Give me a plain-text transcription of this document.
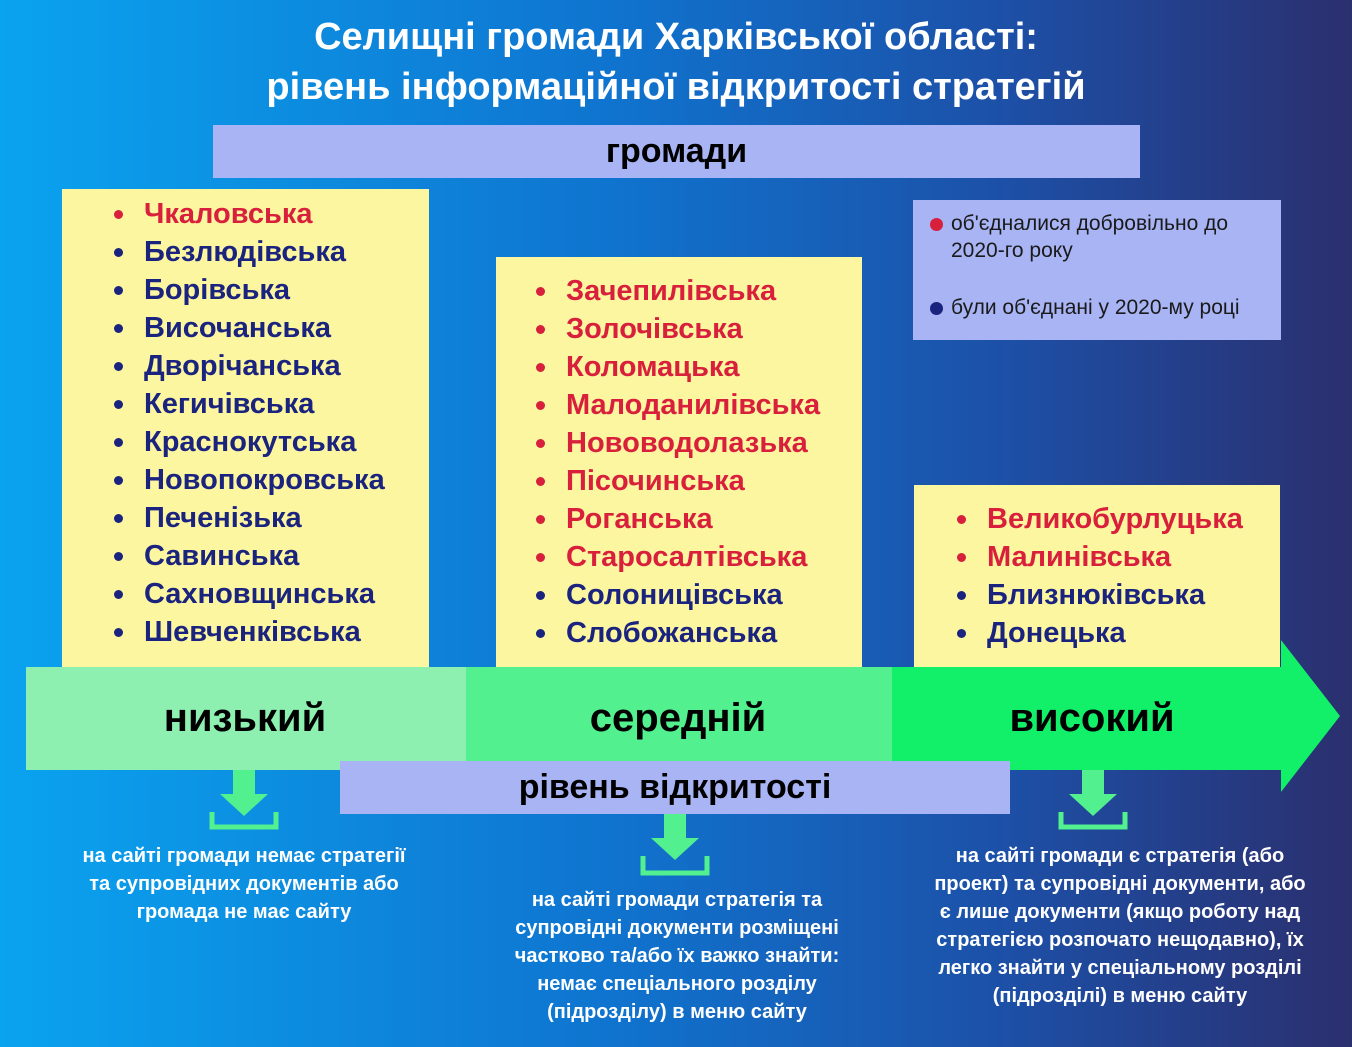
Селищні громади Харківської області:
рівень інформаційної відкритості стратегій
громади
Чкаловська
Безлюдівська
Борівська
Височанська
Дворічанська
Кегичівська
Краснокутська
Новопокровська
Печенізька
Савинська
Сахновщинська
Шевченківська
Зачепилівська
Золочівська
Коломацька
Малоданилівська
Нововодолазька
Пісочинська
Роганська
Старосалтівська
Солоницівська
Слобожанська
Великобурлуцька
Малинівська
Близнюківська
Донецька
об'єдналися добровільно до 2020-го року
були об'єднані у 2020-му році
низький	середній	високий
рівень відкритості
на сайті громади немає стратегії
та супровідних документів або
громада не має сайту
на сайті громади стратегія та
супровідні документи розміщені
частково та/або їх важко знайти:
немає спеціального розділу
(підрозділу) в меню сайту
на сайті громади є стратегія (або
проект) та супровідні документи, або
є лише документи (якщо роботу над
стратегією розпочато нещодавно), їх
легко знайти у спеціальному розділі
(підрозділі) в меню сайту
